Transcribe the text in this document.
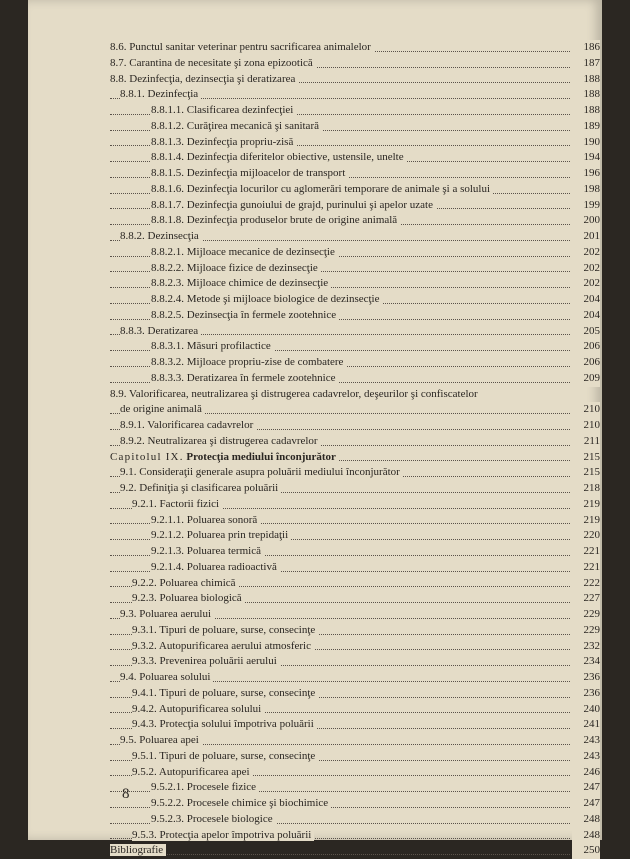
8.6. Punctul sanitar veterinar pentru sacrificarea animalelor	186
8.7. Carantina de necesitate şi zona epizootică	187
8.8. Dezinfecţia, dezinsecţia şi deratizarea	188
8.8.1. Dezinfecţia	188
8.8.1.1. Clasificarea dezinfecţiei	188
8.8.1.2. Curăţirea mecanică şi sanitară	189
8.8.1.3. Dezinfecţia propriu-zisă	190
8.8.1.4. Dezinfecţia diferitelor obiective, ustensile, unelte	194
8.8.1.5. Dezinfecţia mijloacelor de transport	196
8.8.1.6. Dezinfecţia locurilor cu aglomerări temporare de animale şi a solului	198
8.8.1.7. Dezinfecţia gunoiului de grajd, purinului şi apelor uzate	199
8.8.1.8. Dezinfecţia produselor brute de origine animală	200
8.8.2. Dezinsecţia	201
8.8.2.1. Mijloace mecanice de dezinsecţie	202
8.8.2.2. Mijloace fizice de dezinsecţie	202
8.8.2.3. Mijloace chimice de dezinsecţie	202
8.8.2.4. Metode şi mijloace biologice de dezinsecţie	204
8.8.2.5. Dezinsecţia în fermele zootehnice	204
8.8.3. Deratizarea	205
8.8.3.1. Măsuri profilactice	206
8.8.3.2. Mijloace propriu-zise de combatere	206
8.8.3.3. Deratizarea în fermele zootehnice	209
8.9. Valorificarea, neutralizarea şi distrugerea cadavrelor, deşeurilor şi confiscatelor
de origine animală	210
8.9.1. Valorificarea cadavrelor	210
8.9.2. Neutralizarea şi distrugerea cadavrelor	211
Capitolul IX. Protecţia mediului înconjurător	215
9.1. Consideraţii generale asupra poluării mediului înconjurător	215
9.2. Definiţia şi clasificarea poluării	218
9.2.1. Factorii fizici	219
9.2.1.1. Poluarea sonoră	219
9.2.1.2. Poluarea prin trepidaţii	220
9.2.1.3. Poluarea termică	221
9.2.1.4. Poluarea radioactivă	221
9.2.2. Poluarea chimică	222
9.2.3. Poluarea biologică	227
9.3. Poluarea aerului	229
9.3.1. Tipuri de poluare, surse, consecinţe	229
9.3.2. Autopurificarea aerului atmosferic	232
9.3.3. Prevenirea poluării aerului	234
9.4. Poluarea solului	236
9.4.1. Tipuri de poluare, surse, consecinţe	236
9.4.2. Autopurificarea solului	240
9.4.3. Protecţia solului împotriva poluării	241
9.5. Poluarea apei	243
9.5.1. Tipuri de poluare, surse, consecinţe	243
9.5.2. Autopurificarea apei	246
9.5.2.1. Procesele fizice	247
9.5.2.2. Procesele chimice şi biochimice	247
9.5.2.3. Procesele biologice	248
9.5.3. Protecţia apelor împotriva poluării	248
Bibliografie	250
8
